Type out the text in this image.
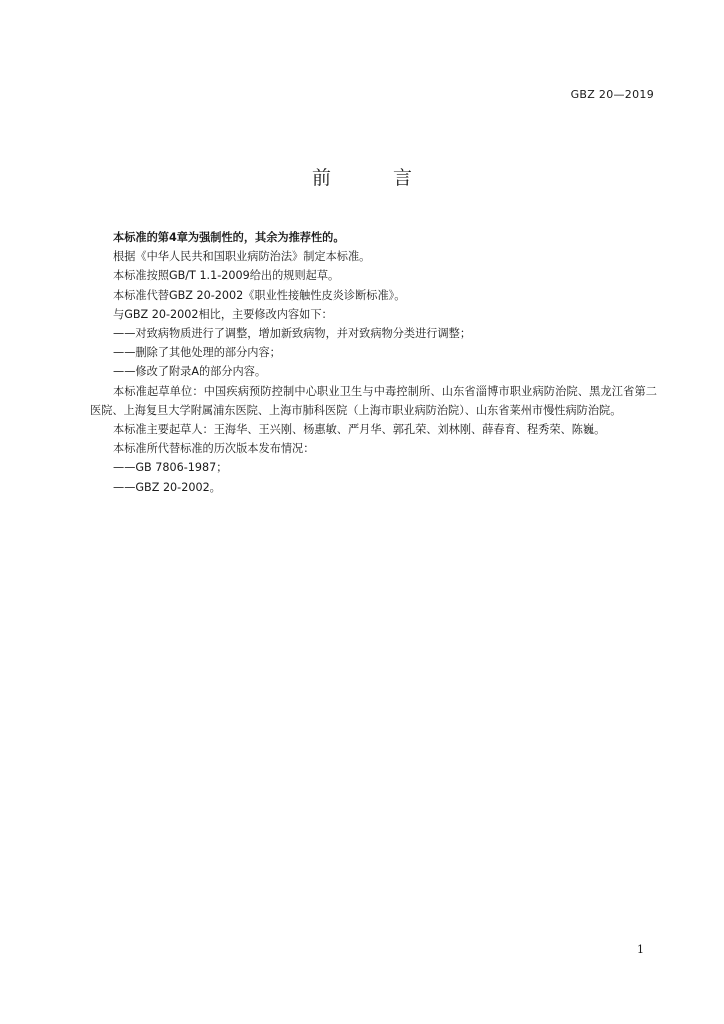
GBZ 20—2019
前 言

本标准的第4章为强制性的，其余为推荐性的。

根据《中华人民共和国职业病防治法》制定本标准。

本标准按照GB/T 1.1-2009给出的规则起草。

本标准代替GBZ 20-2002《职业性接触性皮炎诊断标准》。

与GBZ 20-2002相比，主要修改内容如下：

——对致病物质进行了调整，增加新致病物，并对致病物分类进行调整；

——删除了其他处理的部分内容；

——修改了附录A的部分内容。

本标准起草单位：中国疾病预防控制中心职业卫生与中毒控制所、山东省淄博市职业病防治院、黑龙江省第二医院、上海复旦大学附属浦东医院、上海市肺科医院（上海市职业病防治院）、山东省莱州市慢性病防治院。

本标准主要起草人：王海华、王兴刚、杨惠敏、严月华、郭孔荣、刘林刚、薛春育、程秀荣、陈巍。

本标准所代替标准的历次版本发布情况：

——GB 7806-1987；

——GBZ 20-2002。

1
